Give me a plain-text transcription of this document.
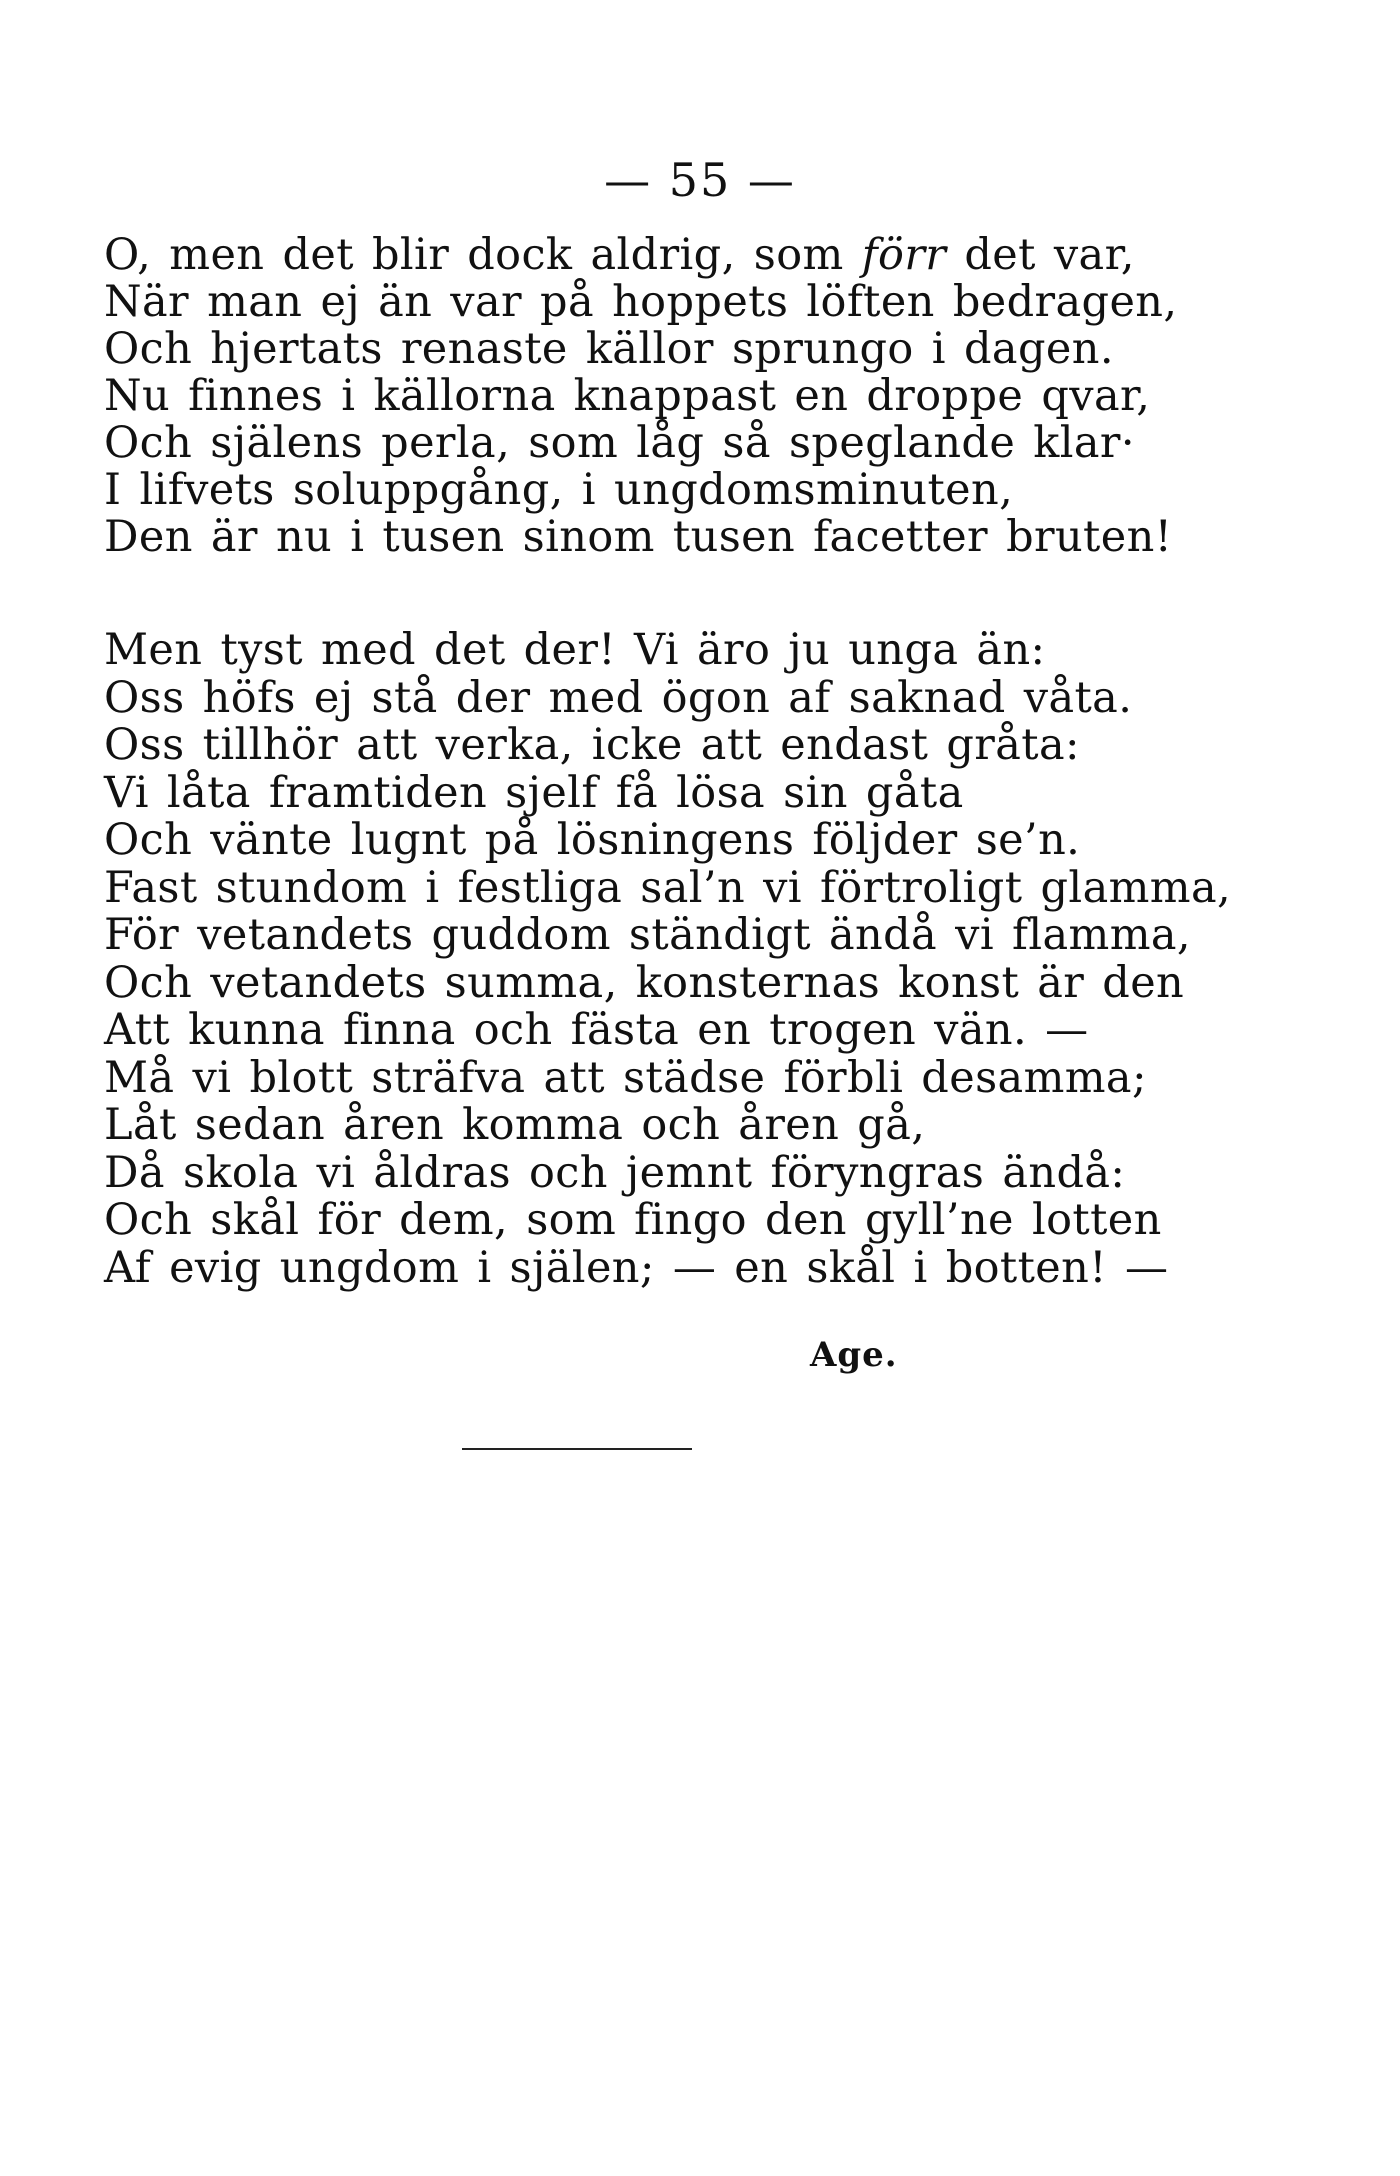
— 55 —
O, men det blir dock aldrig, som förr det var,
När man ej än var på hoppets löften bedragen,
Och hjertats renaste källor sprungo i dagen.
Nu finnes i källorna knappast en droppe qvar,
Och själens perla, som låg så speglande klar·
I lifvets soluppgång, i ungdomsminuten,
Den är nu i tusen sinom tusen facetter bruten!
Men tyst med det der! Vi äro ju unga än:
Oss höfs ej stå der med ögon af saknad våta.
Oss tillhör att verka, icke att endast gråta:
Vi låta framtiden sjelf få lösa sin gåta
Och vänte lugnt på lösningens följder se’n.
Fast stundom i festliga sal’n vi förtroligt glamma,
För vetandets guddom ständigt ändå vi flamma,
Och vetandets summa, konsternas konst är den
Att kunna finna och fästa en trogen vän. —
Må vi blott sträfva att städse förbli desamma;
Låt sedan åren komma och åren gå,
Då skola vi åldras och jemnt föryngras ändå:
Och skål för dem, som fingo den gyll’ne lotten
Af evig ungdom i själen; — en skål i botten! —
Age.
